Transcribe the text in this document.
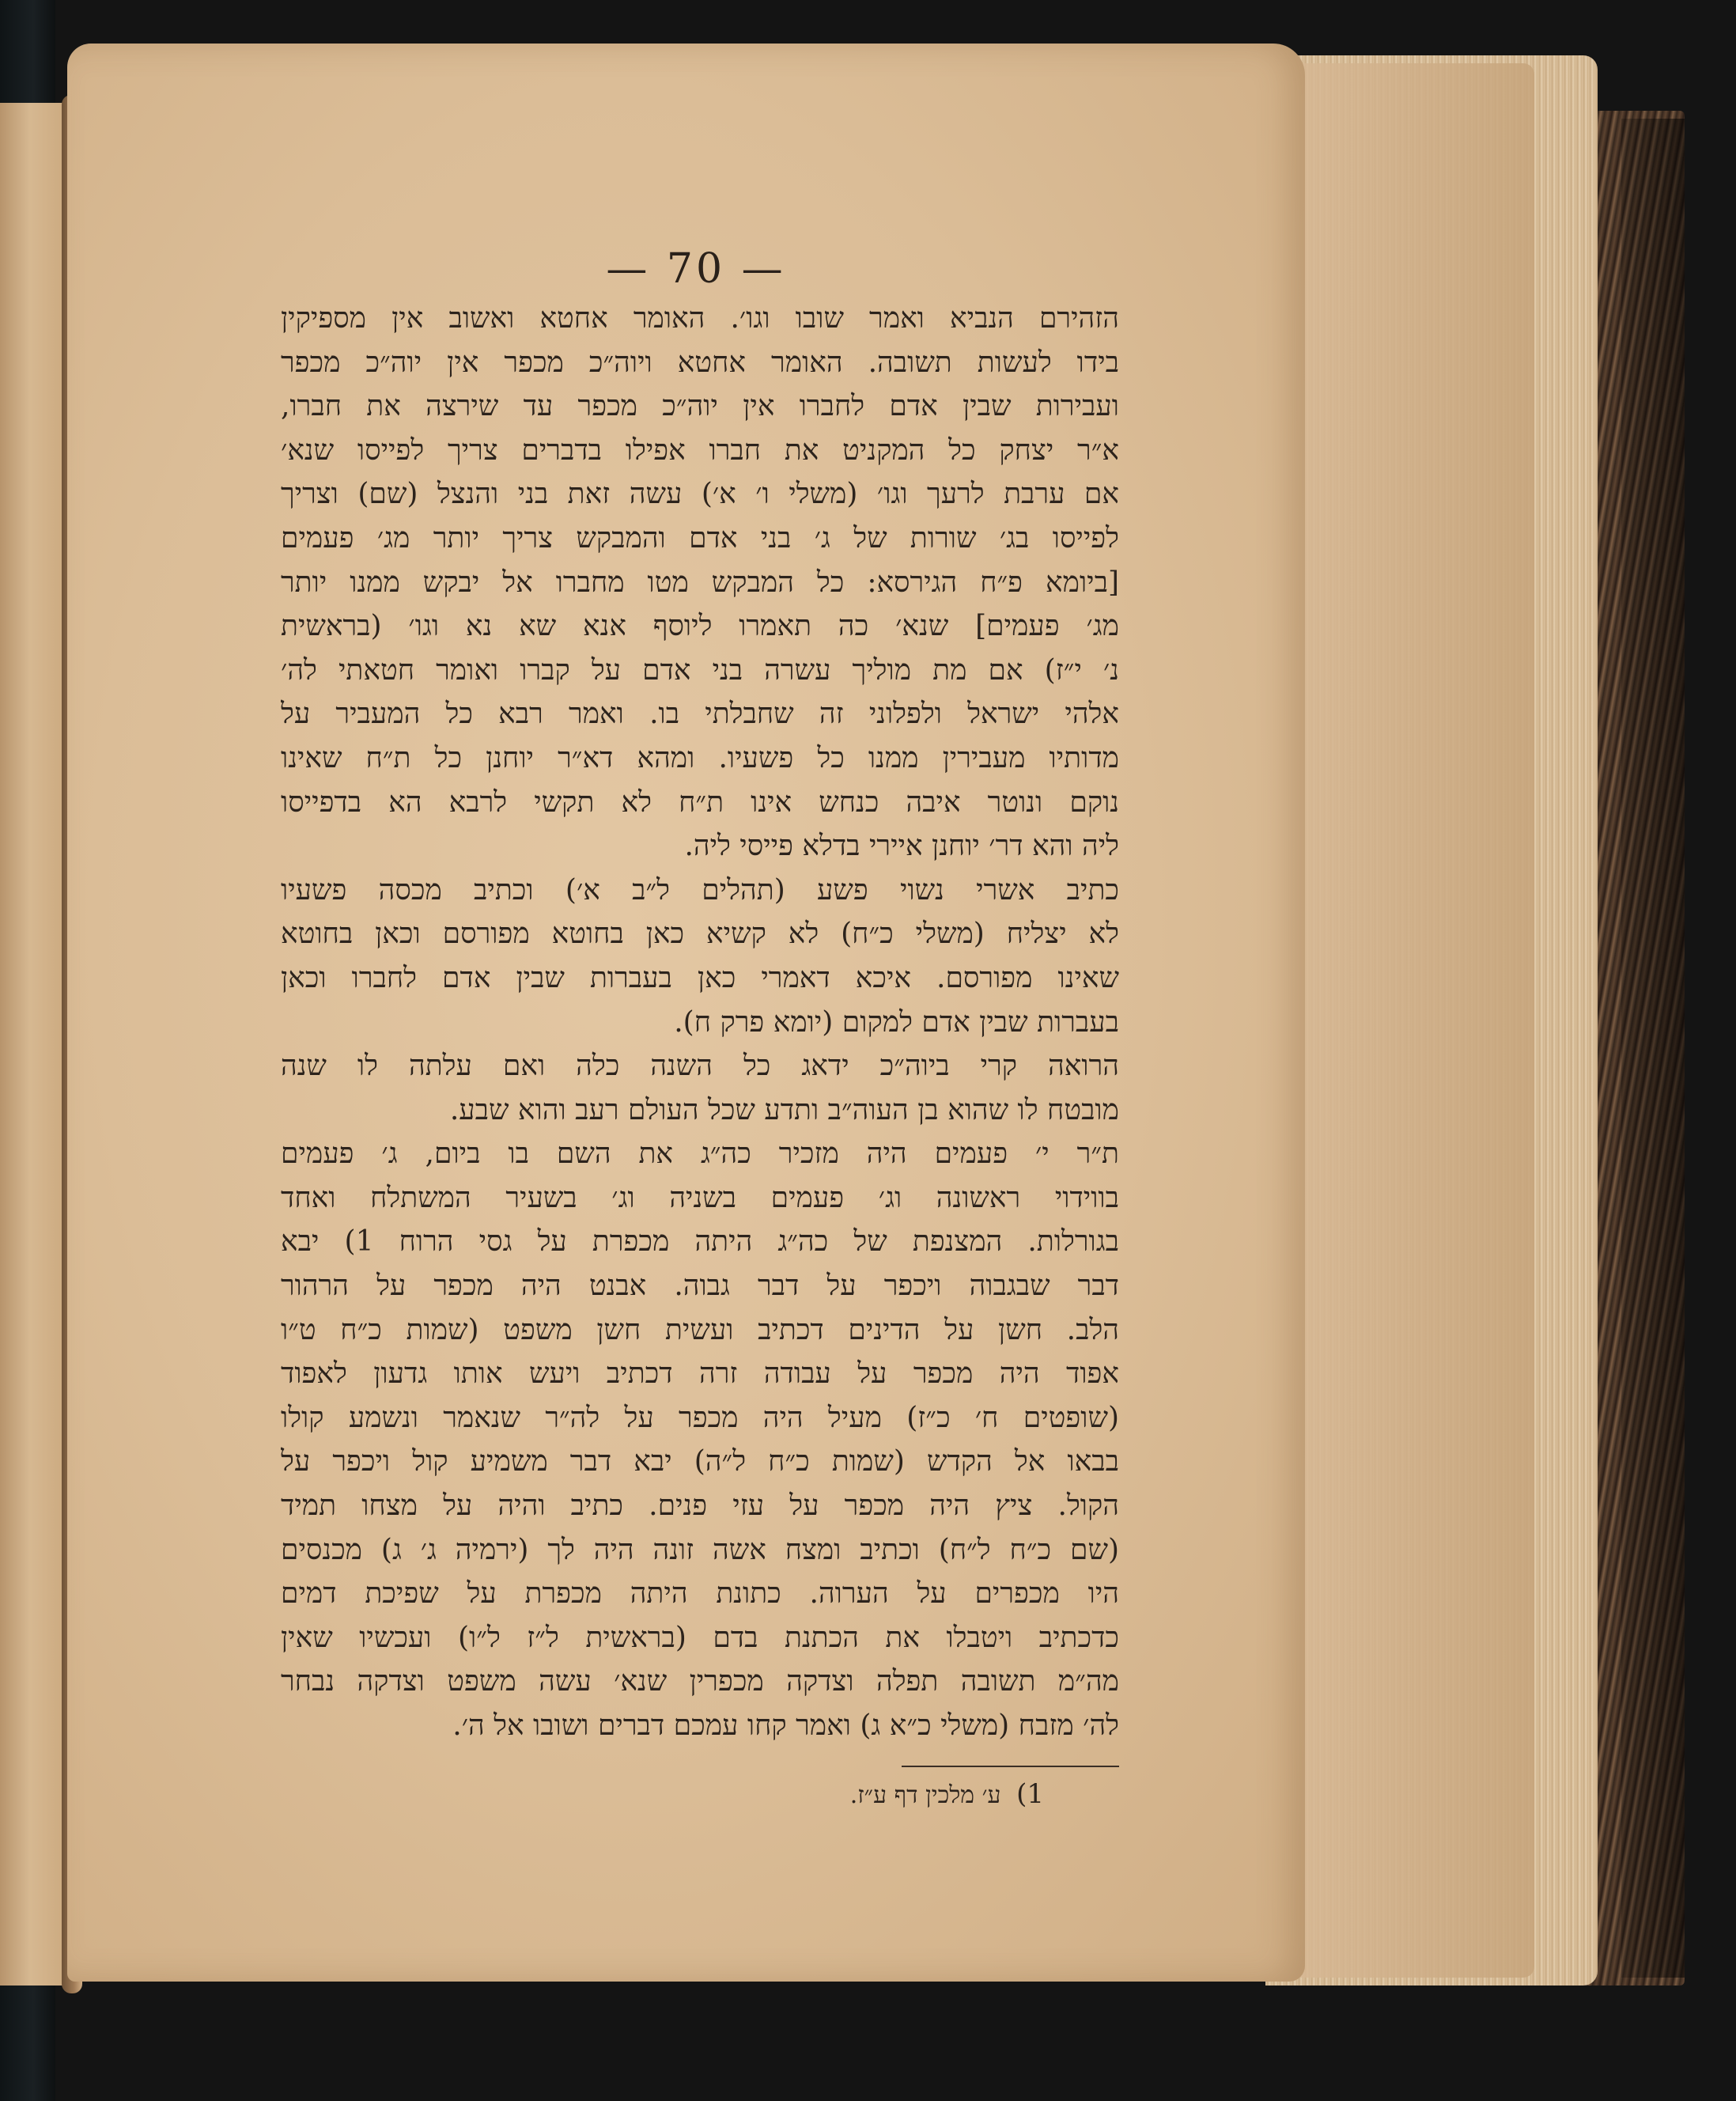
— 70 —
הזהירם הנביא ואמר שובו וגו׳. האומר אחטא ואשוב אין מספיקין
בידו לעשות תשובה. האומר אחטא ויוה״כ מכפר אין יוה״כ מכפר
ועבירות שבין אדם לחברו אין יוה״כ מכפר עד שירצה את חברו,
א״ר יצחק כל המקניט את חברו אפילו בדברים צריך לפייסו שנא׳
אם ערבת לרעך וגו׳ (משלי ו׳ א׳) עשה זאת בני והנצל (שם) וצריך
לפייסו בג׳ שורות של ג׳ בני אדם והמבקש צריך יותר מג׳ פעמים
[ביומא פ״ח הגירסא: כל המבקש מטו מחברו אל יבקש ממנו יותר
מג׳ פעמים] שנא׳ כה תאמרו ליוסף אנא שא נא וגו׳ (בראשית
נ׳ י״ז) אם מת מוליך עשרה בני אדם על קברו ואומר חטאתי לה׳
אלהי ישראל ולפלוני זה שחבלתי בו. ואמר רבא כל המעביר על
מדותיו מעבירין ממנו כל פשעיו. ומהא דא״ר יוחנן כל ת״ח שאינו
נוקם ונוטר איבה כנחש אינו ת״ח לא תקשי לרבא הא בדפייסו
ליה והא דר׳ יוחנן איירי בדלא פייסי ליה.
כתיב אשרי נשוי פשע (תהלים ל״ב א׳) וכתיב מכסה פשעיו
לא יצליח (משלי כ״ח) לא קשיא כאן בחוטא מפורסם וכאן בחוטא
שאינו מפורסם. איכא דאמרי כאן בעברות שבין אדם לחברו וכאן
בעברות שבין אדם למקום (יומא פרק ח).
הרואה קרי ביוה״כ ידאג כל השנה כלה ואם עלתה לו שנה
מובטח לו שהוא בן העוה״ב ותדע שכל העולם רעב והוא שבע.
ת״ר י׳ פעמים היה מזכיר כה״ג את השם בו ביום, ג׳ פעמים
בווידוי ראשונה וג׳ פעמים בשניה וג׳ בשעיר המשתלח ואחד
בגורלות. המצנפת של כה״ג היתה מכפרת על גסי הרוח 1) יבא
דבר שבגבוה ויכפר על דבר גבוה. אבנט היה מכפר על הרהור
הלב. חשן על הדינים דכתיב ועשית חשן משפט (שמות כ״ח ט״ו
אפוד היה מכפר על עבודה זרה דכתיב ויעש אותו גדעון לאפוד
(שופטים ח׳ כ״ז) מעיל היה מכפר על לה״ר שנאמר ונשמע קולו
בבאו אל הקדש (שמות כ״ח ל״ה) יבא דבר משמיע קול ויכפר על
הקול. ציץ היה מכפר על עזי פנים. כתיב והיה על מצחו תמיד
(שם כ״ח ל״ח) וכתיב ומצח אשה זונה היה לך (ירמיה ג׳ ג) מכנסים
היו מכפרים על הערוה. כתונת היתה מכפרת על שפיכת דמים
כדכתיב ויטבלו את הכתנת בדם (בראשית ל״ז ל״ו) ועכשיו שאין
מה״מ תשובה תפלה וצדקה מכפרין שנא׳ עשה משפט וצדקה נבחר
לה׳ מזבח (משלי כ״א ג) ואמר קחו עמכם דברים ושובו אל ה׳.
1) ע׳ מלכין דף ע״ז.
